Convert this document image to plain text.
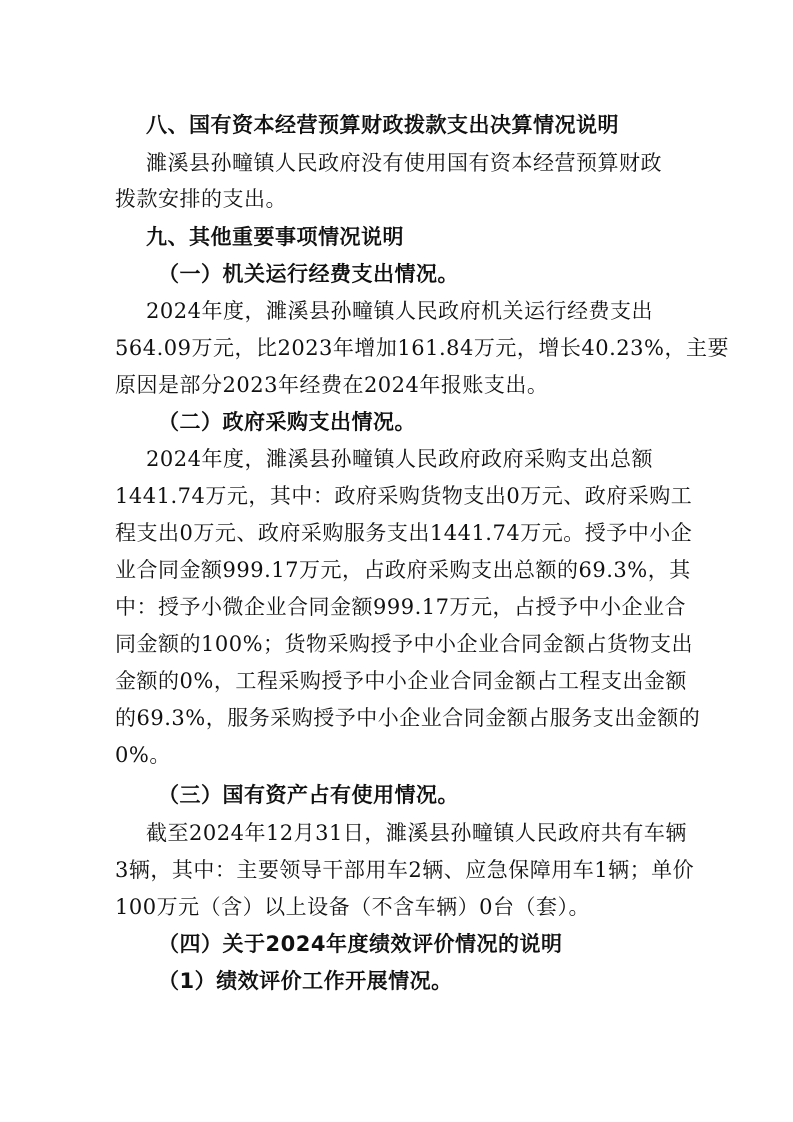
八、国有资本经营预算财政拨款支出决算情况说明
濉溪县孙疃镇人民政府没有使用国有资本经营预算财政
拨款安排的支出。
九、其他重要事项情况说明
（一）机关运行经费支出情况。
2024年度，濉溪县孙疃镇人民政府机关运行经费支出
564.09万元，比2023年增加161.84万元，增长40.23%，主要
原因是部分2023年经费在2024年报账支出。
（二）政府采购支出情况。
2024年度，濉溪县孙疃镇人民政府政府采购支出总额
1441.74万元，其中：政府采购货物支出0万元、政府采购工
程支出0万元、政府采购服务支出1441.74万元。授予中小企
业合同金额999.17万元，占政府采购支出总额的69.3%，其
中：授予小微企业合同金额999.17万元，占授予中小企业合
同金额的100%；货物采购授予中小企业合同金额占货物支出
金额的0%，工程采购授予中小企业合同金额占工程支出金额
的69.3%，服务采购授予中小企业合同金额占服务支出金额的
0%。
（三）国有资产占有使用情况。
截至2024年12月31日，濉溪县孙疃镇人民政府共有车辆
3辆，其中：主要领导干部用车2辆、应急保障用车1辆；单价
100万元（含）以上设备（不含车辆）0台（套）。
（四）关于2024年度绩效评价情况的说明
（1）绩效评价工作开展情况。
